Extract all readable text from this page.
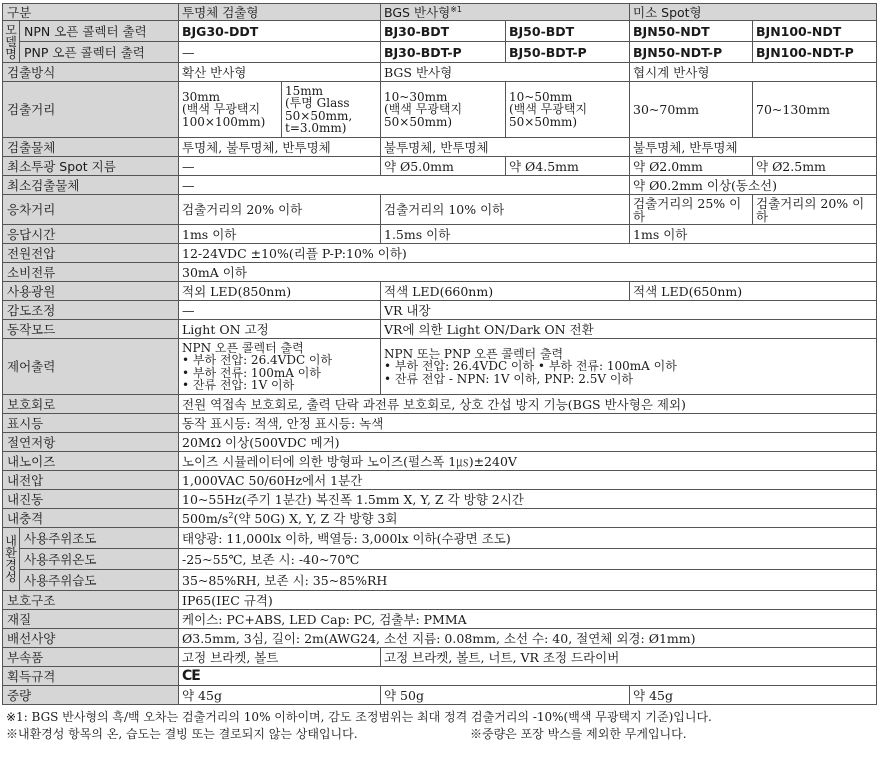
구분		투명체 검출형		BGS 반사형$^{※1}$		미소 Spot형	
모델명	NPN 오픈 콜렉터 출력	BJG30-DDT		BJ30-BDT	BJ50-BDT	BJN50-NDT	BJN100-NDT
	PNP 오픈 콜렉터 출력	—		BJ30-BDT-P	BJ50-BDT-P	BJN50-NDT-P	BJN100-NDT-P
검출방식		확산 반사형		BGS 반사형		협시계 반사형	
검출거리		30mm
(백색 무광택지
100×100mm)	15mm
(투명 Glass
50×50mm,
t=3.0mm)	10~30mm
(백색 무광택지
50×50mm)	10~50mm
(백색 무광택지
50×50mm)	30~70mm	70~130mm
검출물체		투명체, 불투명체, 반투명체		불투명체, 반투명체		불투명체, 반투명체	
최소투광 Spot 지름		—		약 Ø5.0mm	약 Ø4.5mm	약 Ø2.0mm	약 Ø2.5mm
최소검출물체		—				약 Ø0.2mm 이상(동소선)	
응차거리		검출거리의 20% 이하		검출거리의 10% 이하		검출거리의 25% 이하	검출거리의 20% 이하
응답시간		1ms 이하		1.5ms 이하		1ms 이하	
전원전압		12-24VDC ±10%(리플 P-P:10% 이하)					
소비전류		30mA 이하					
사용광원		적외 LED(850nm)		적색 LED(660nm)		적색 LED(650nm)	
감도조정		—		VR 내장			
동작모드		Light ON 고정		VR에 의한 Light ON/Dark ON 전환			
제어출력		NPN 오픈 콜렉터 출력
• 부하 전압: 26.4VDC 이하
• 부하 전류: 100mA 이하
• 잔류 전압: 1V 이하		NPN 또는 PNP 오픈 콜렉터 출력
• 부하 전압: 26.4VDC 이하 • 부하 전류: 100mA 이하
• 잔류 전압 - NPN: 1V 이하, PNP: 2.5V 이하			
보호회로		전원 역접속 보호회로, 출력 단락 과전류 보호회로, 상호 간섭 방지 기능(BGS 반사형은 제외)					
표시등		동작 표시등: 적색, 안정 표시등: 녹색					
절연저항		20MΩ 이상(500VDC 메거)					
내노이즈		노이즈 시뮬레이터에 의한 방형파 노이즈(펄스폭 1㎲)±240V					
내전압		1,000VAC 50/60Hz에서 1분간					
내진동		10~55Hz(주기 1분간) 복진폭 1.5mm X, Y, Z 각 방향 2시간					
내충격		$500m/s^2$(약 50G) X, Y, Z 각 방향 3회					
내환경성	사용주위조도	태양광: 11,000lx 이하, 백열등: 3,000lx 이하(수광면 조도)					
	사용주위온도	-25~55℃, 보존 시: -40~70℃					
	사용주위습도	35~85%RH, 보존 시: 35~85%RH					
보호구조		IP65(IEC 규격)					
재질		케이스: PC+ABS, LED Cap: PC, 검출부: PMMA					
배선사양		Ø3.5mm, 3심, 길이: 2m(AWG24, 소선 지름: 0.08mm, 소선 수: 40, 절연체 외경: Ø1mm)					
부속품		고정 브라켓, 볼트		고정 브라켓, 볼트, 너트, VR 조정 드라이버			
획득규격		CE					
중량		약 45g		약 50g		약 45g	
※1: BGS 반사형의 흑/백 오차는 검출거리의 10% 이하이며, 감도 조정범위는 최대 정격 검출거리의 -10%(백색 무광택지 기준)입니다.
※내환경성 항목의 온, 습도는 결빙 또는 결로되지 않는 상태입니다.	※중량은 포장 박스를 제외한 무게입니다.
